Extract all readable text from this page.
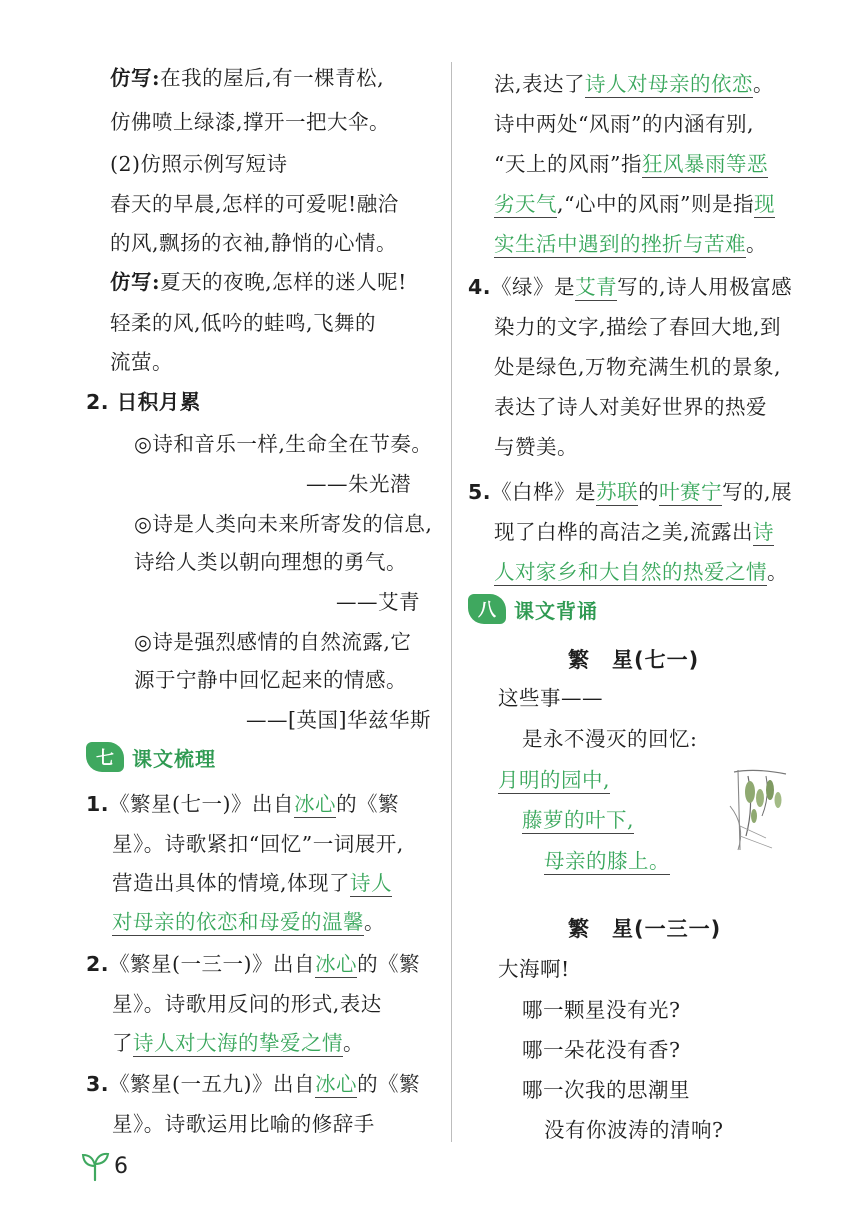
仿写:在我的屋后,有一棵青松,
仿佛喷上绿漆,撑开一把大伞。
(2)仿照示例写短诗
春天的早晨,怎样的可爱呢!融洽
的风,飘扬的衣袖,静悄的心情。
仿写:夏天的夜晚,怎样的迷人呢!
轻柔的风,低吟的蛙鸣,飞舞的
流萤。
2. 日积月累
◎诗和音乐一样,生命全在节奏。
——朱光潜
◎诗是人类向未来所寄发的信息,
诗给人类以朝向理想的勇气。
——艾青
◎诗是强烈感情的自然流露,它
源于宁静中回忆起来的情感。
——[英国]华兹华斯
七 课文梳理
1.《繁星(七一)》出自冰心的《繁
星》。诗歌紧扣“回忆”一词展开,
营造出具体的情境,体现了诗人
对母亲的依恋和母爱的温馨。
2.《繁星(一三一)》出自冰心的《繁
星》。诗歌用反问的形式,表达
了诗人对大海的挚爱之情。
3.《繁星(一五九)》出自冰心的《繁
星》。诗歌运用比喻的修辞手
法,表达了诗人对母亲的依恋。
诗中两处“风雨”的内涵有别,
“天上的风雨”指狂风暴雨等恶
劣天气,“心中的风雨”则是指现
实生活中遇到的挫折与苦难。
4.《绿》是艾青写的,诗人用极富感
染力的文字,描绘了春回大地,到
处是绿色,万物充满生机的景象,
表达了诗人对美好世界的热爱
与赞美。
5.《白桦》是苏联的叶赛宁写的,展
现了白桦的高洁之美,流露出诗
人对家乡和大自然的热爱之情。
八 课文背诵
繁　星(七一)
这些事——
是永不漫灭的回忆:
月明的园中,
藤萝的叶下,
母亲的膝上。
繁　星(一三一)
大海啊!
哪一颗星没有光?
哪一朵花没有香?
哪一次我的思潮里
没有你波涛的清响?
6
